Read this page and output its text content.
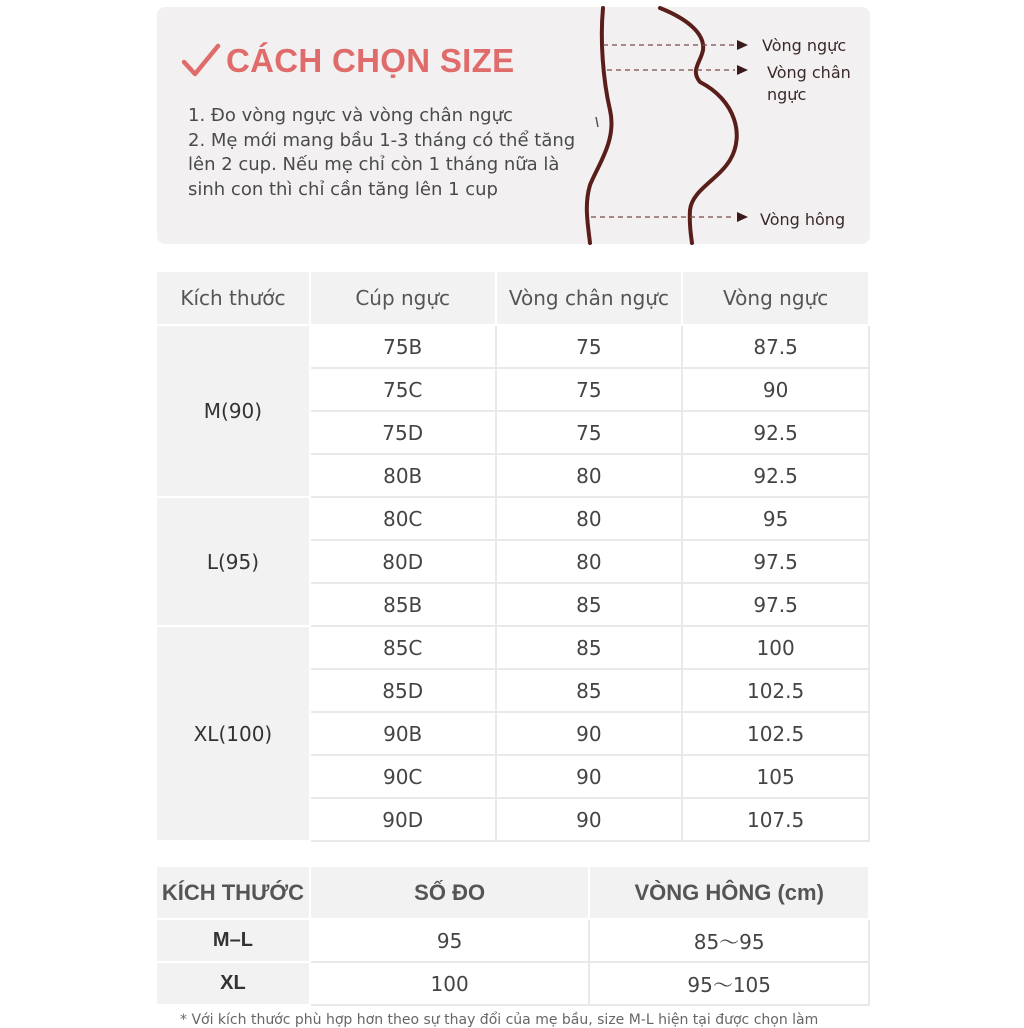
CÁCH CHỌN SIZE

1. Đo vòng ngực và vòng chân ngực

2. Mẹ mới mang bầu 1-3 tháng có thể tăng lên 2 cup. Nếu mẹ chỉ còn 1 tháng nữa là sinh con thì chỉ cần tăng lên 1 cup

Vòng ngực
Vòng chân
ngực
Vòng hông
Kích thước	Cúp ngực	Vòng chân ngực	Vòng ngực
M(90)	75B	75	87.5
	75C	75	90
	75D	75	92.5
	80B	80	92.5
L(95)	80C	80	95
	80D	80	97.5
	85B	85	97.5
XL(100)	85C	85	100
	85D	85	102.5
	90B	90	102.5
	90C	90	105
	90D	90	107.5
KÍCH THƯỚC	SỐ ĐO	VÒNG HÔNG (cm)
M–L	95	85～95
XL	100	95～105
* Với kích thước phù hợp hơn theo sự thay đổi của mẹ bầu, size M-L hiện tại được chọn làm
